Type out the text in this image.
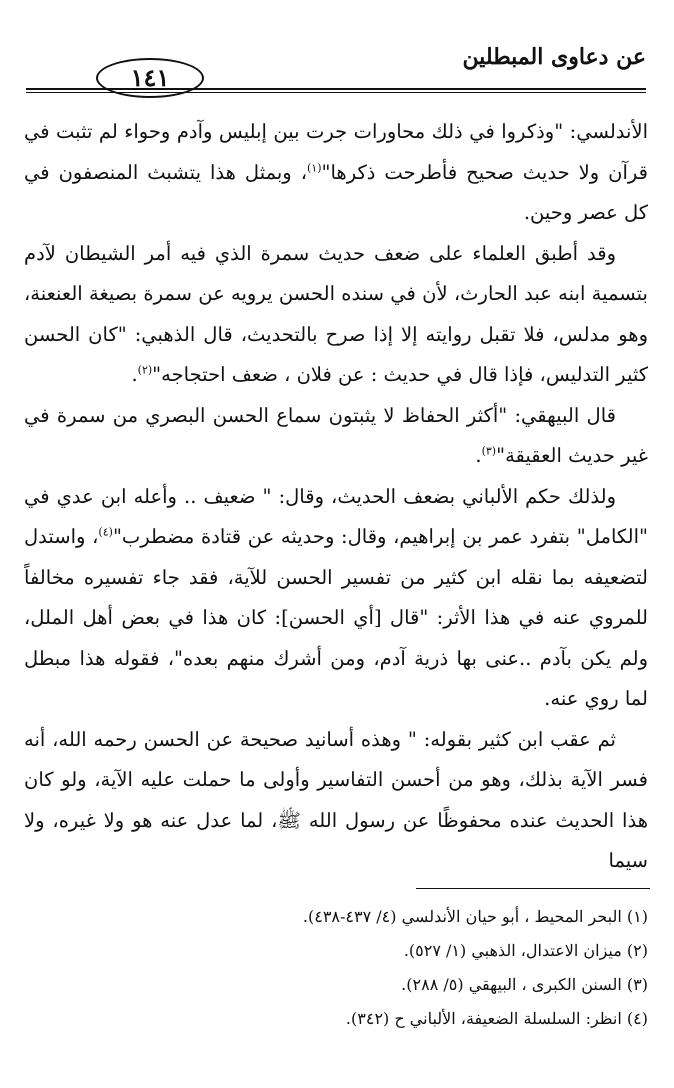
عن دعاوى المبطلين
١٤١

الأندلسي: "وذكروا في ذلك محاورات جرت بين إبليس وآدم وحواء لم تثبت في قرآن ولا حديث صحيح فأطرحت ذكرها"$^{(١)}$، وبمثل هذا يتشبث المنصفون في كل عصر وحين.

وقد أطبق العلماء على ضعف حديث سمرة الذي فيه أمر الشيطان لآدم بتسمية ابنه عبد الحارث، لأن في سنده الحسن يرويه عن سمرة بصيغة العنعنة، وهو مدلس، فلا تقبل روايته إلا إذا صرح بالتحديث، قال الذهبي: "كان الحسن كثير التدليس، فإذا قال في حديث : عن فلان ، ضعف احتجاجه"$^{(٢)}$.

قال البيهقي: "أكثر الحفاظ لا يثبتون سماع الحسن البصري من سمرة في غير حديث العقيقة"$^{(٣)}$.

ولذلك حكم الألباني بضعف الحديث، وقال: " ضعيف .. وأعله ابن عدي في "الكامل" بتفرد عمر بن إبراهيم، وقال: وحديثه عن قتادة مضطرب"$^{(٤)}$، واستدل لتضعيفه بما نقله ابن كثير من تفسير الحسن للآية، فقد جاء تفسيره مخالفاً للمروي عنه في هذا الأثر: "قال [أي الحسن]: كان هذا في بعض أهل الملل، ولم يكن بآدم ..عنى بها ذرية آدم، ومن أشرك منهم بعده"، فقوله هذا مبطل لما روي عنه.

ثم عقب ابن كثير بقوله: " وهذه أسانيد صحيحة عن الحسن رحمه الله، أنه فسر الآية بذلك، وهو من أحسن التفاسير وأولى ما حملت عليه الآية، ولو كان هذا الحديث عنده محفوظًا عن رسول الله ﷺ، لما عدل عنه هو ولا غيره، ولا سيما

(١) البحر المحيط ، أبو حيان الأندلسي (٤/ ٤٣٧-٤٣٨).
(٢) ميزان الاعتدال، الذهبي (١/ ٥٢٧).
(٣) السنن الكبرى ، البيهقي (٥/ ٢٨٨).
(٤) انظر: السلسلة الضعيفة، الألباني ح (٣٤٢).
